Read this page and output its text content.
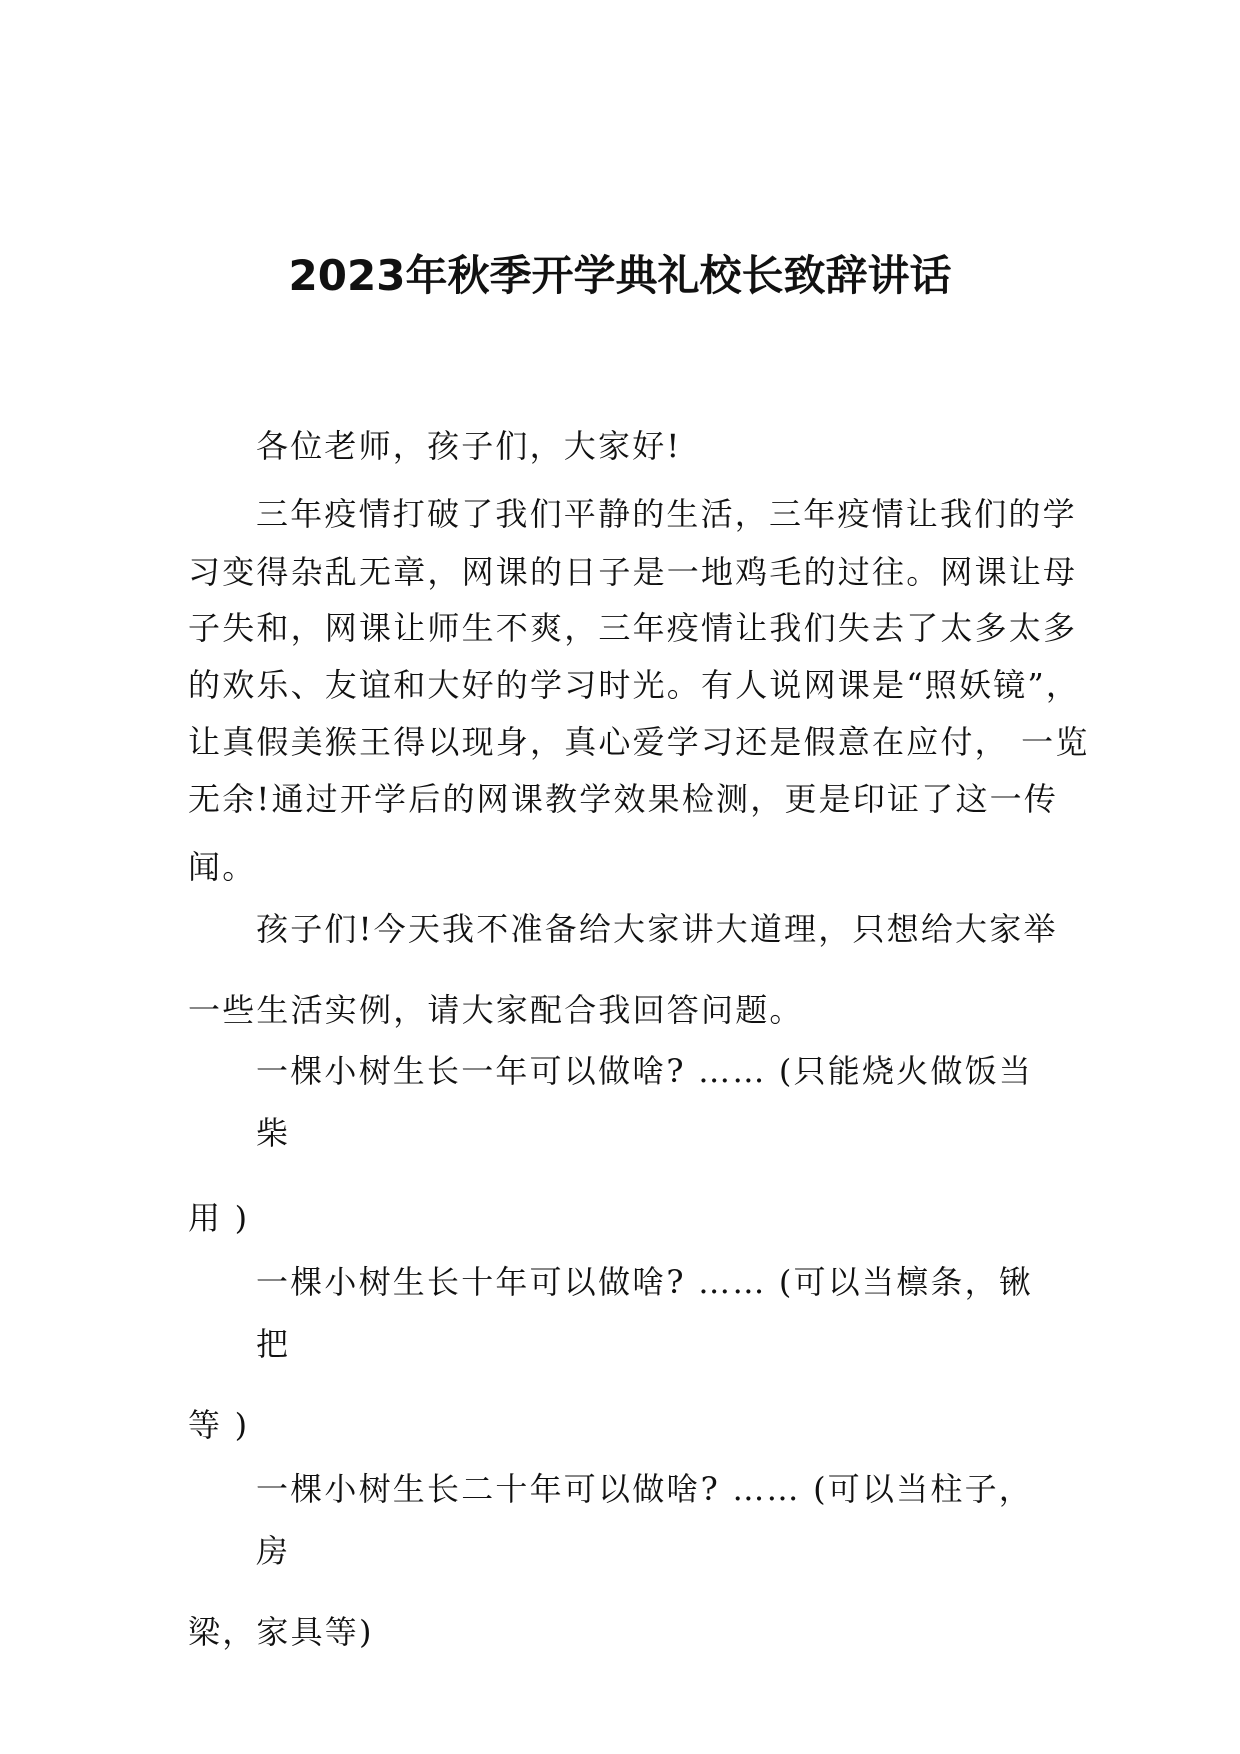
2023年秋季开学典礼校长致辞讲话

各位老师，孩子们，大家好!

三年疫情打破了我们平静的生活，三年疫情让我们的学

习变得杂乱无章，网课的日子是一地鸡毛的过往。网课让母

子失和，网课让师生不爽，三年疫情让我们失去了太多太多

的欢乐、友谊和大好的学习时光。有人说网课是“照妖镜”，

让真假美猴王得以现身，真心爱学习还是假意在应付， 一览

无余!通过开学后的网课教学效果检测，更是印证了这一传

闻。

孩子们!今天我不准备给大家讲大道理，只想给大家举

一些生活实例，请大家配合我回答问题。

一棵小树生长一年可以做啥? …… (只能烧火做饭当

柴

用 )

一棵小树生长十年可以做啥? …… (可以当檩条，锹

把

等 )

一棵小树生长二十年可以做啥? …… (可以当柱子，

房

梁，家具等)
